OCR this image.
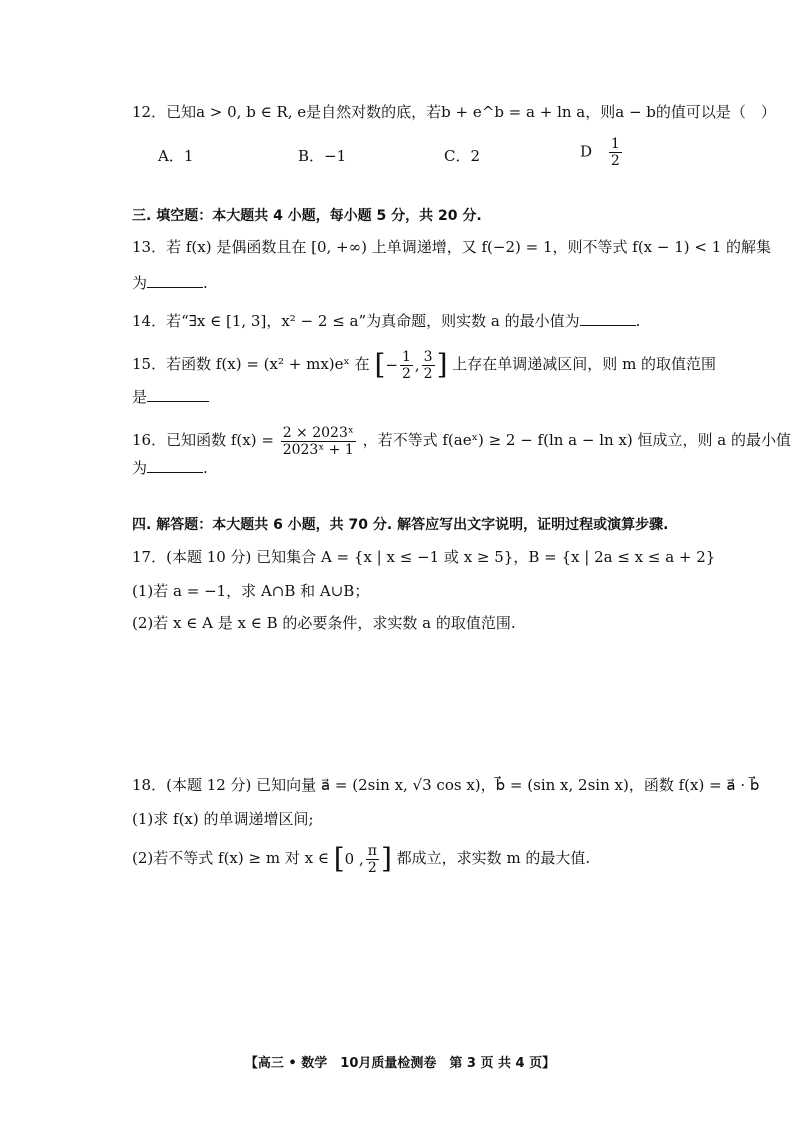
12．已知a > 0, b ∈ R, e是自然对数的底，若b + e^b = a + ln a，则a − b的值可以是（　）
A．1	B．−1	C．2	D $\frac{1}{2}$
三. 填空题：本大题共 4 小题，每小题 5 分，共 20 分.
13．若 f(x) 是偶函数且在 [0, +∞) 上单调递增，又 f(−2) = 1，则不等式 f(x − 1) < 1 的解集
为	.
14．若“∃x ∈ [1, 3]，x² − 2 ≤ a”为真命题，则实数 a 的最小值为	.
15．若函数 f(x) = (x² + mx)eˣ 在 [− $\frac{1}{2}$ , $\frac{3}{2}$ ] 上存在单调递减区间，则 m 的取值范围
是
16．已知函数 $f(x) = \frac{\text{2 × 2023ˣ}}{\text{2023ˣ + 1}}$ ，若不等式 f(aeˣ) ≥ 2 − f(ln a − ln x) 恒成立，则 a 的最小值
为	.
四. 解答题：本大题共 6 小题，共 70 分. 解答应写出文字说明，证明过程或演算步骤.
17．(本题 10 分) 已知集合 A = {x | x ≤ −1 或 x ≥ 5}，B = {x | 2a ≤ x ≤ a + 2}
(1)若 a = −1，求 A∩B 和 A∪B；
(2)若 x ∈ A 是 x ∈ B 的必要条件，求实数 a 的取值范围.
18．(本题 12 分) 已知向量 a⃗ = (2sin x, √3 cos x)，b⃗ = (sin x, 2sin x)，函数 f(x) = a⃗ · b⃗
(1)求 f(x) 的单调递增区间;
(2)若不等式 f(x) ≥ m 对 x ∈ [0 , $\frac{\pi}{2}$ ] 都成立，求实数 m 的最大值.
【高三 • 数学　10月质量检测卷　第 3 页 共 4 页】
